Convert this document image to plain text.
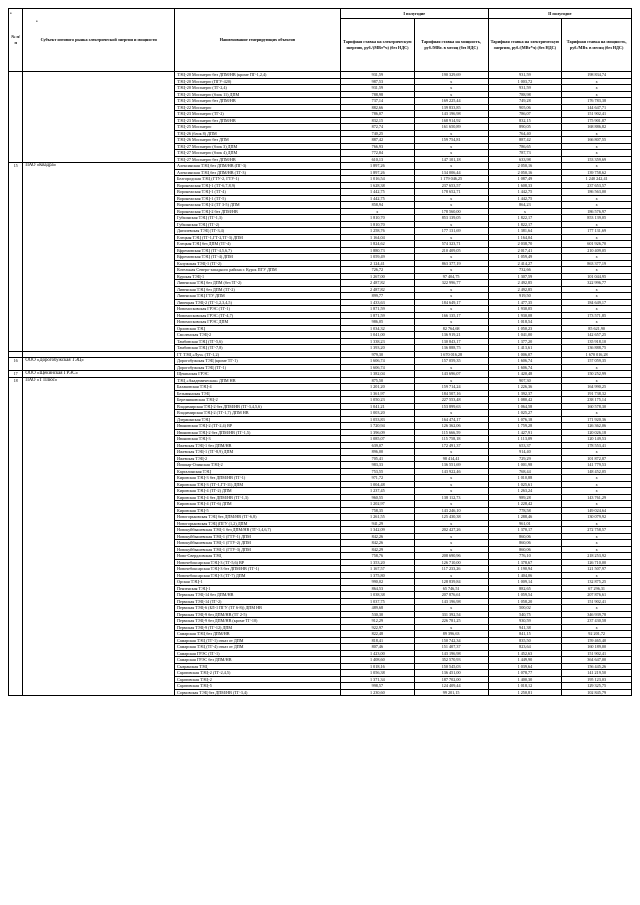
•
•
№ п/п	Субъект оптового рынка электрической энергии и мощности	Наименование генерирующих объектов	I полугодие		II полугодие	
			Тарифная ставка на электрическую энергию, руб./(МВт*ч) (без НДС)	Тарифная ставка на мощность, руб./МВт. в месяц (без НДС)	Тарифная ставка на электрическую энергию, руб./(МВт*ч) (без НДС)	Тарифная ставка на мощность, руб./МВт. в месяц (без НДС)
		ТЭЦ-20 Мосэнерго без ДПМ/НВ (кроме ПГ-1,2,4)	931,59	190 329,69	931,59	198 834,74
		ТЭЦ-20 Мосэнерго (ПГУ-420)	987,53	x	1 003,72	x
		ТЭЦ-20 Мосэнерго (ТГ-2,4)	931,59	x	931,59	x
		ТЭЦ-21 Мосэнерго (блок 11) ДПМ	788,98	x	788,98	x
		ТЭЦ-21 Мосэнерго без ДПМ/НВ	737,14	169 225,44	749,28	176 783,38
		ТЭЦ-22 Мосэнерго	882,66	139 833,85	905,06	144 647,71
		ТЭЦ-23 Мосэнерго (ТГ-2)	786,07	143 196,98	786,07	151 902,41
		ТЭЦ-23 Мосэнерго без ДПМ/НВ	832,15	168 914,92	832,15	175 901,87
		ТЭЦ-25 Мосэнерго	872,74	161 650,89	890,05	168 886,82
		ТЭЦ-26 (блок 8) ДПМ	740,25	x	764,40	x
		ТЭЦ-26 Мосэнерго без ДПМ	887,42	159 754,81	887,42	166 807,55
		ТЭЦ-27 Мосэнерго (блок 3) ДПМ	766,93	x	786,65	x
		ТЭЦ-27 Мосэнерго (блок 4) ДПМ	772,84	x	787,73	x
		ТЭЦ-27 Мосэнерго без ДПМ/НВ	610,13	147 101,18	633,98	153 359,69
15	ПАО «Квадра»	Алексинская ТЭЦ без ДПМ/НВ (ПГ-3)	1 897,26	x	2 050,16	x
		Алексинская ТЭЦ без ДПМ/НВ (ТГ-3)	1 897,26	134 006,44	2 050,16	139 758,62
		Белгородская ТЭЦ (ГТУ-2, ГТУ-1)	1 016,54	1 179 046,25	1 087,49	1 240 242,41
		Воронежская ТЭЦ-1 (ТГ-6,7,8,9)	1 628,38	237 653,57	1 608,33	237 653,57
		Воронежская ТЭЦ-1 (ТГ-4)	1 442,75	178 652,71	1 442,75	186 563,00
		Воронежская ТЭЦ-1 (ТГ-5)	1 442,75	x	1 442,75	x
		Воронежская ТЭЦ-2 (ТГ 3-5) ДПМ	858,94	x	864,23	x
		Воронежская ТЭЦ-2 без ДПМ/НВ	x	178 560,00	x	186 576,97
		Губкинская ТЭЦ (ТГ-1,3)	1 810,70	853 139,05	1 822,17	853 139,05
		Губкинская ТЭЦ (ТГ-2)	1 810,70	x	1 822,17	x
		Дягилевская ТЭЦ (ТГ-3,4)	1 258,76	177 131,69	1 381,64	177 131,69
		Елецкая ТЭЦ (ТГ-1,ГТ-2,ТГ-3) ДПМ	1 164,04	x	1 164,04	x
		Елецкая ТЭЦ без ДПМ (ТГ-4)	1 824,62	574 323,71	2 038,70	601 926,70
		Ефремовская ТЭЦ (ТГ-4,5,6,7)	1 880,73	210 409,05	2 017,41	210 409,05
		Ефремовская ТЭЦ (ТГ-4) ДПМ	1 059,49	x	1 059,49	x
		Калужская ТЭЦ-1 (ТГ-2)	2 124,41	863 377,19	2 414,27	863 377,19
		Котельная Северо-западного района г. Курск ПГУ ДПМ	726,72	x	732,66	x
		Курская ТЭЦ-1	1 267,00	97 404,75	1 307,59	101 044,95
		Ливенская ТЭЦ без ДПМ (без ТГ-2)	2 487,82	322 996,77	2 492,85	322 996,77
		Ливенская ТЭЦ без ДПМ (ТГ-2)	2 487,82	x	2 492,85	x
		Ливенская ТЭЦ ГТУ ДПМ	899,77	x	919,50	x
		Липецкая ТЭЦ-2 (ТГ-1,2,3,4,5)	1 433,63	184 649,17	1 477,35	184 649,17
		Новомосковская ГРЭС (ТГ-1)	1 871,59	x	1 930,05	x
		Новомосковская ГРЭС (ТГ-4,7)	1 871,59	166 135,17	1 930,08	173 571,85
		Новомосковская ГРЭС ДПМ	986,05	x	1 018,54	x
		Орловская ТЭЦ	1 034,32	82 764,68	1 050,23	85 621,90
		Смоленская ТЭЦ-2	1 041,00	136 919,21	1 041,00	142 657,25
		Тамбовская ТЭЦ (ТГ-5,6)	1 338,23	130 843,17	1 377,20	135 918,10
		Тамбовская ТЭЦ (ТГ-7,8)	1 393,20	136 888,75	1 413,61	136 888,75
		ГТ ТЭЦ «Луч» (ТГ-1,2)	979,30	1 670 016,28	1 006,07	1 670 016,28
16	ООО «Дорогобужская ТЭЦ»	Дорогобужская ТЭЦ (кроме ТГ-1)	1 606,74	157 059,35	1 606,74	157 059,35
		Дорогобужская ТЭЦ (ТГ-1)	1 606,74	x	1 606,74	x
17	ООО «Щекинская ГРЭС»	Щекинская ГРЭС	1 382,04	143 696,07	1 420,48	150 252,99
18	ПАО «Т Плюс»	ТЭЦ «Академическая» ДПМ НВ	875,50	x	907,30	x
		Балаковская ТЭЦ-4	1 201,20	159 714,24	1 226,36	164 990,25
		Безымянская ТЭЦ	1 361,97	184 507,16	1 392,37	191 738,32
		Березниковская ТЭЦ-2	1 050,23	227 553,48	1 080,42	238 175,14
		Владимирская ТЭЦ-2 без ДПМ/НВ (ТГ-3,4,5,6)	1 041,21	153 899,63	1 064,58	160 578,30
		Владимирская ТЭЦ-2 (ТГ-1,7) ДПМ НВ	1 003,20	x	1 025,27	x
		Дзержинская ТЭЦ	1 053,83	164 474,17	1 076,18	171 920,36
		Ивановская ТЭЦ-2 (ТГ-2,4) ВР	1 720,94	126 362,06	1 759,28	126 362,06
		Ивановская ТЭЦ-2 без ДПМ/НВ (ТГ-1,5)	1 396,09	115 666,59	1 427,91	120 026,18
		Ивановская ТЭЦ-3	1 085,07	115 758,18	1 113,09	120 149,53
		Ижевская ТЭЦ-1 без ДПМ/НВ	639,07	172 491,37	653,37	178 553,41
		Ижевская ТЭЦ-1 (ТГ-8,9) ДПМ	896,00	x	914,40	x
		Ижевская ТЭЦ-2	705,41	98 414,41	729,29	101 872,87
		Йошкар-Олинская ТЭЦ-2	983,33	136 551,69	1 001,98	141 779,53
		Карталинская ТЭЦ	753,55	143 922,46	768,44	148 452,05
		Кировская ТЭЦ-3 без ДПМ/НВ (ТГ-1)	971,72	x	1 010,88	x
		Кировская ТЭЦ-3 (ТГ-1,ГТ-11) ДПМ	1 004,48	x	1 025,61	x
		Кировская ТЭЦ-4 (ТГ-2) ДПМ	1 237,45	x	1 263,24	x
		Кировская ТЭЦ-4 без ДПМ/НВ (ТГ-1,3)	960,55	138 112,73	989,28	143 761,29
		Кировская ТЭЦ-4 (ТГ-6) ДПМ	1 202,97	x	1 228,42	x
		Кировская ТЭЦ-5	758,35	143 246,10	778,58	149 024,64
		Новогорьковская ТЭЦ без ДПМ/НВ (ТГ-6,8)	1 261,55	125 430,38	1 288,46	130 079,92
		Новогорьковская ТЭЦ (ПГУ (1,2) ДПМ	941,29	x	961,01	x
		Новокуйбышевская ТЭЦ-1 без ДПМ/НВ (ТГ-1,4,6,7)	1 342,09	202 427,26	1 370,17	272 758,57
		Новокуйбышевская ТЭЦ-1 (ГТУ-1) ДПМ	842,26	x	860,06	x
		Новокуйбышевская ТЭЦ-1 (ГТУ-2) ДПМ	842,26	x	860,06	x
		Новокуйбышевская ТЭЦ-1 (ГТУ-3) ДПМ	842,29	x	860,06	x
		Ново-Свердловская ТЭЦ	758,76	208 690,96	776,10	218 253,92
		Новочебоксарская ТЭЦ-3 (ТГ-5,6) ВР	1 353,20	126 710,00	1 378,67	126 710,00
		Новочебоксарская ТЭЦ-3 без ДПМ/НВ (ТГ-1)	1 167,57	117 233,26	1 190,94	121 507,97
		Новочебоксарская ТЭЦ-3 (ТГ-7) ДПМ	1 375,80	x	1 404,06	x
		Орская ТЭЦ-1	990,02	128 839,84	1 009,14	132 875,25
		Пензенская ТЭЦ-1	864,53	65 746,51	882,65	67 296,31
		Пермская ТЭЦ-14 без ДПМ/НВ	1 038,38	207 876,61	1 059,54	207 876,61
		Пермская ТЭЦ-14 (ТГ-2)	1 037,75	143 196,98	1 058,20	151 902,41
		Пермская ТЭЦ-6 (БЛ-1 ПГУ (ТГ 6-8)) ДПМ НВ	489,68	x	500,02	x
		Пермская ТЭЦ-9 без ДПМ/НВ (ТГ 2-5)	530,30	331 392,54	540,75	346 939,78
		Пермская ТЭЦ-9 без ДПМ/НВ (кроме ТГ-10)	912,29	226 781,25	930,59	237 430,58
		Пермская ТЭЦ-9 (ТГ-12) ДПМ	922,97	x	941,38	x
		Самарская ТЭЦ без ДПМ/НВ	822,48	89 396,63	841,15	92 201,72
		Самарская ТЭЦ (ТГ-1) отказ от ДПМ	818,41	150 742,34	835,50	159 465,40
		Самарская ТЭЦ (ТГ-4) отказ от ДПМ	807,46	151 407,37	823,64	160 189,00
		Самарская ГРЭС (ТГ-1)	1 423,00	143 196,98	1 452,63	151 902,41
		Самарская ГРЭС без ДПМ/НВ	1 408,60	352 570,93	1 449,90	364 647,00
		Сызранская ТЭЦ	1 018,16	150 545,03	1 039,64	156 445,26
		Саратовская ТЭЦ-2 (ТГ-2,4,5)	1 056,38	136 451,00	1 078,77	141 219,50
		Саратовская ТЭЦ-2	1 371,34	187 702,00	1 400,30	195 123,03
		Саратовская ТЭЦ-5	998,57	124 409,44	1 018,12	129 325,75
		Сормовская ТЭЦ без ДПМ/НВ (ТГ-3,4)	1 230,60	99 201,15	1 250,81	102 845,79
